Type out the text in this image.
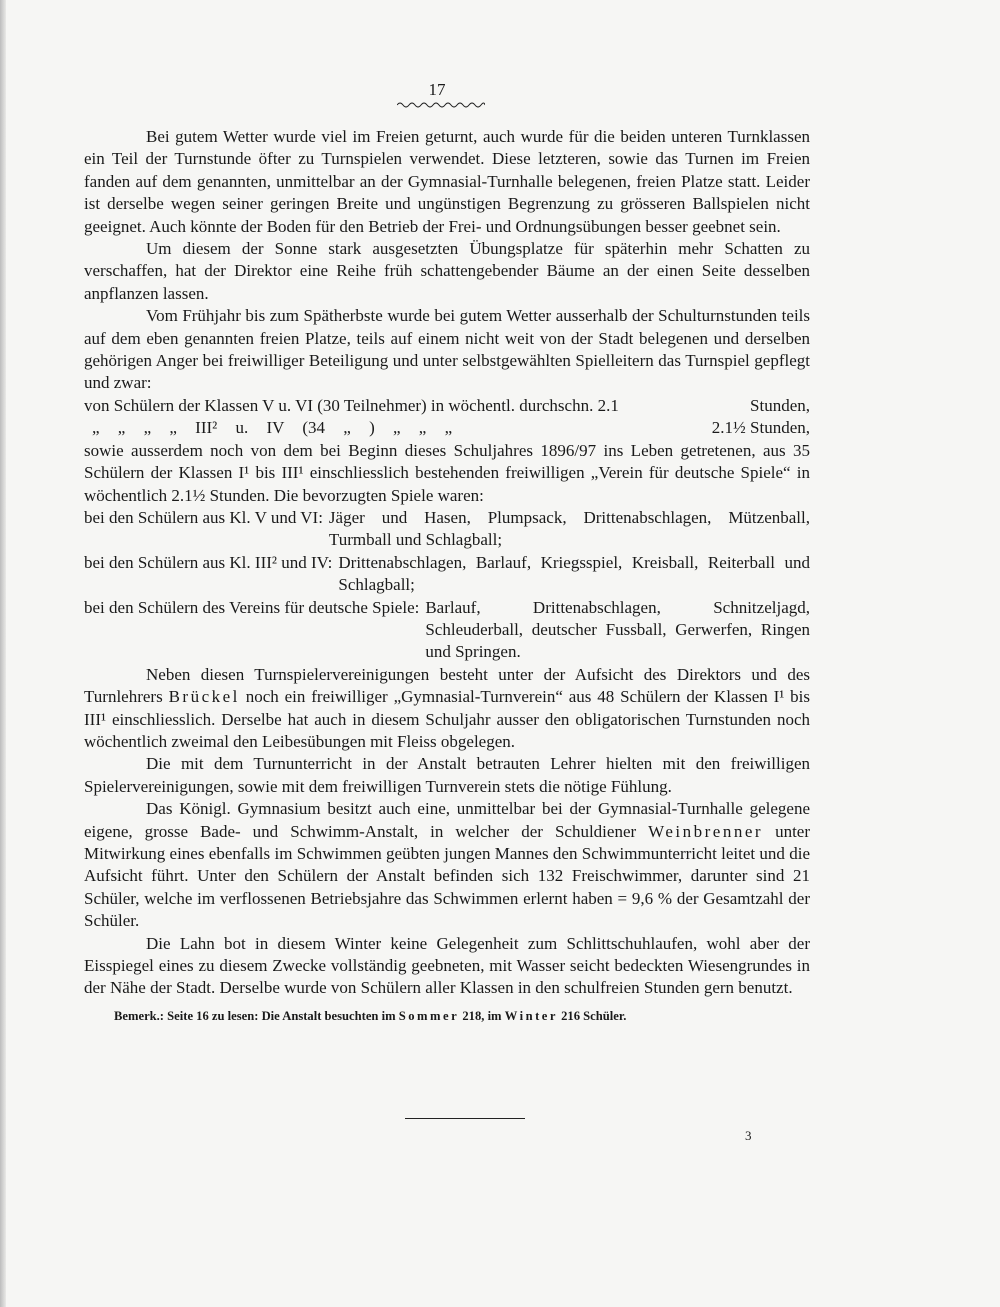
17

Bei gutem Wetter wurde viel im Freien geturnt, auch wurde für die beiden unteren Turnklassen ein Teil der Turnstunde öfter zu Turnspielen verwendet. Diese letzteren, sowie das Turnen im Freien fanden auf dem genannten, unmittelbar an der Gymnasial-Turnhalle belegenen, freien Platze statt. Leider ist derselbe wegen seiner geringen Breite und ungünstigen Begrenzung zu grösseren Ballspielen nicht geeignet. Auch könnte der Boden für den Betrieb der Frei- und Ordnungsübungen besser geebnet sein.

Um diesem der Sonne stark ausgesetzten Übungsplatze für späterhin mehr Schatten zu verschaffen, hat der Direktor eine Reihe früh schattengebender Bäume an der einen Seite desselben anpflanzen lassen.

Vom Frühjahr bis zum Spätherbste wurde bei gutem Wetter ausserhalb der Schulturnstunden teils auf dem eben genannten freien Platze, teils auf einem nicht weit von der Stadt belegenen und derselben gehörigen Anger bei freiwilliger Beteiligung und unter selbstgewählten Spielleitern das Turnspiel gepflegt und zwar:

von Schülern der Klassen V u. VI (30 Teilnehmer) in wöchentl. durchschn. 2.1	Stunden,
„ „ „ „ III² u. IV (34 „ ) „ „ „	2.1½ Stunden,

sowie ausserdem noch von dem bei Beginn dieses Schuljahres 1896/97 ins Leben getretenen, aus 35 Schülern der Klassen I¹ bis III¹ einschliesslich bestehenden freiwilligen „Verein für deutsche Spiele“ in wöchentlich 2.1½ Stunden. Die bevorzugten Spiele waren:

bei den Schülern aus Kl. V und VI: Jäger und Hasen, Plumpsack, Drittenabschlagen, Mützenball, Turmball und Schlagball;
bei den Schülern aus Kl. III² und IV: Drittenabschlagen, Barlauf, Kriegsspiel, Kreisball, Reiterball und Schlagball;
bei den Schülern des Vereins für deutsche Spiele: Barlauf, Drittenabschlagen, Schnitzeljagd, Schleuderball, deutscher Fussball, Gerwerfen, Ringen und Springen.

Neben diesen Turnspielervereinigungen besteht unter der Aufsicht des Direktors und des Turnlehrers Brückel noch ein freiwilliger „Gymnasial-Turnverein“ aus 48 Schülern der Klassen I¹ bis III¹ einschliesslich. Derselbe hat auch in diesem Schuljahr ausser den obligatorischen Turnstunden noch wöchentlich zweimal den Leibesübungen mit Fleiss obgelegen.

Die mit dem Turnunterricht in der Anstalt betrauten Lehrer hielten mit den freiwilligen Spielervereinigungen, sowie mit dem freiwilligen Turnverein stets die nötige Fühlung.

Das Königl. Gymnasium besitzt auch eine, unmittelbar bei der Gymnasial-Turnhalle gelegene eigene, grosse Bade- und Schwimm-Anstalt, in welcher der Schuldiener Weinbrenner unter Mitwirkung eines ebenfalls im Schwimmen geübten jungen Mannes den Schwimmunterricht leitet und die Aufsicht führt. Unter den Schülern der Anstalt befinden sich 132 Freischwimmer, darunter sind 21 Schüler, welche im verflossenen Betriebsjahre das Schwimmen erlernt haben = 9,6 % der Gesamtzahl der Schüler.

Die Lahn bot in diesem Winter keine Gelegenheit zum Schlittschuhlaufen, wohl aber der Eisspiegel eines zu diesem Zwecke vollständig geebneten, mit Wasser seicht bedeckten Wiesengrundes in der Nähe der Stadt. Derselbe wurde von Schülern aller Klassen in den schulfreien Stunden gern benutzt.

Bemerk.: Seite 16 zu lesen: Die Anstalt besuchten im Sommer 218, im Winter 216 Schüler.
3
